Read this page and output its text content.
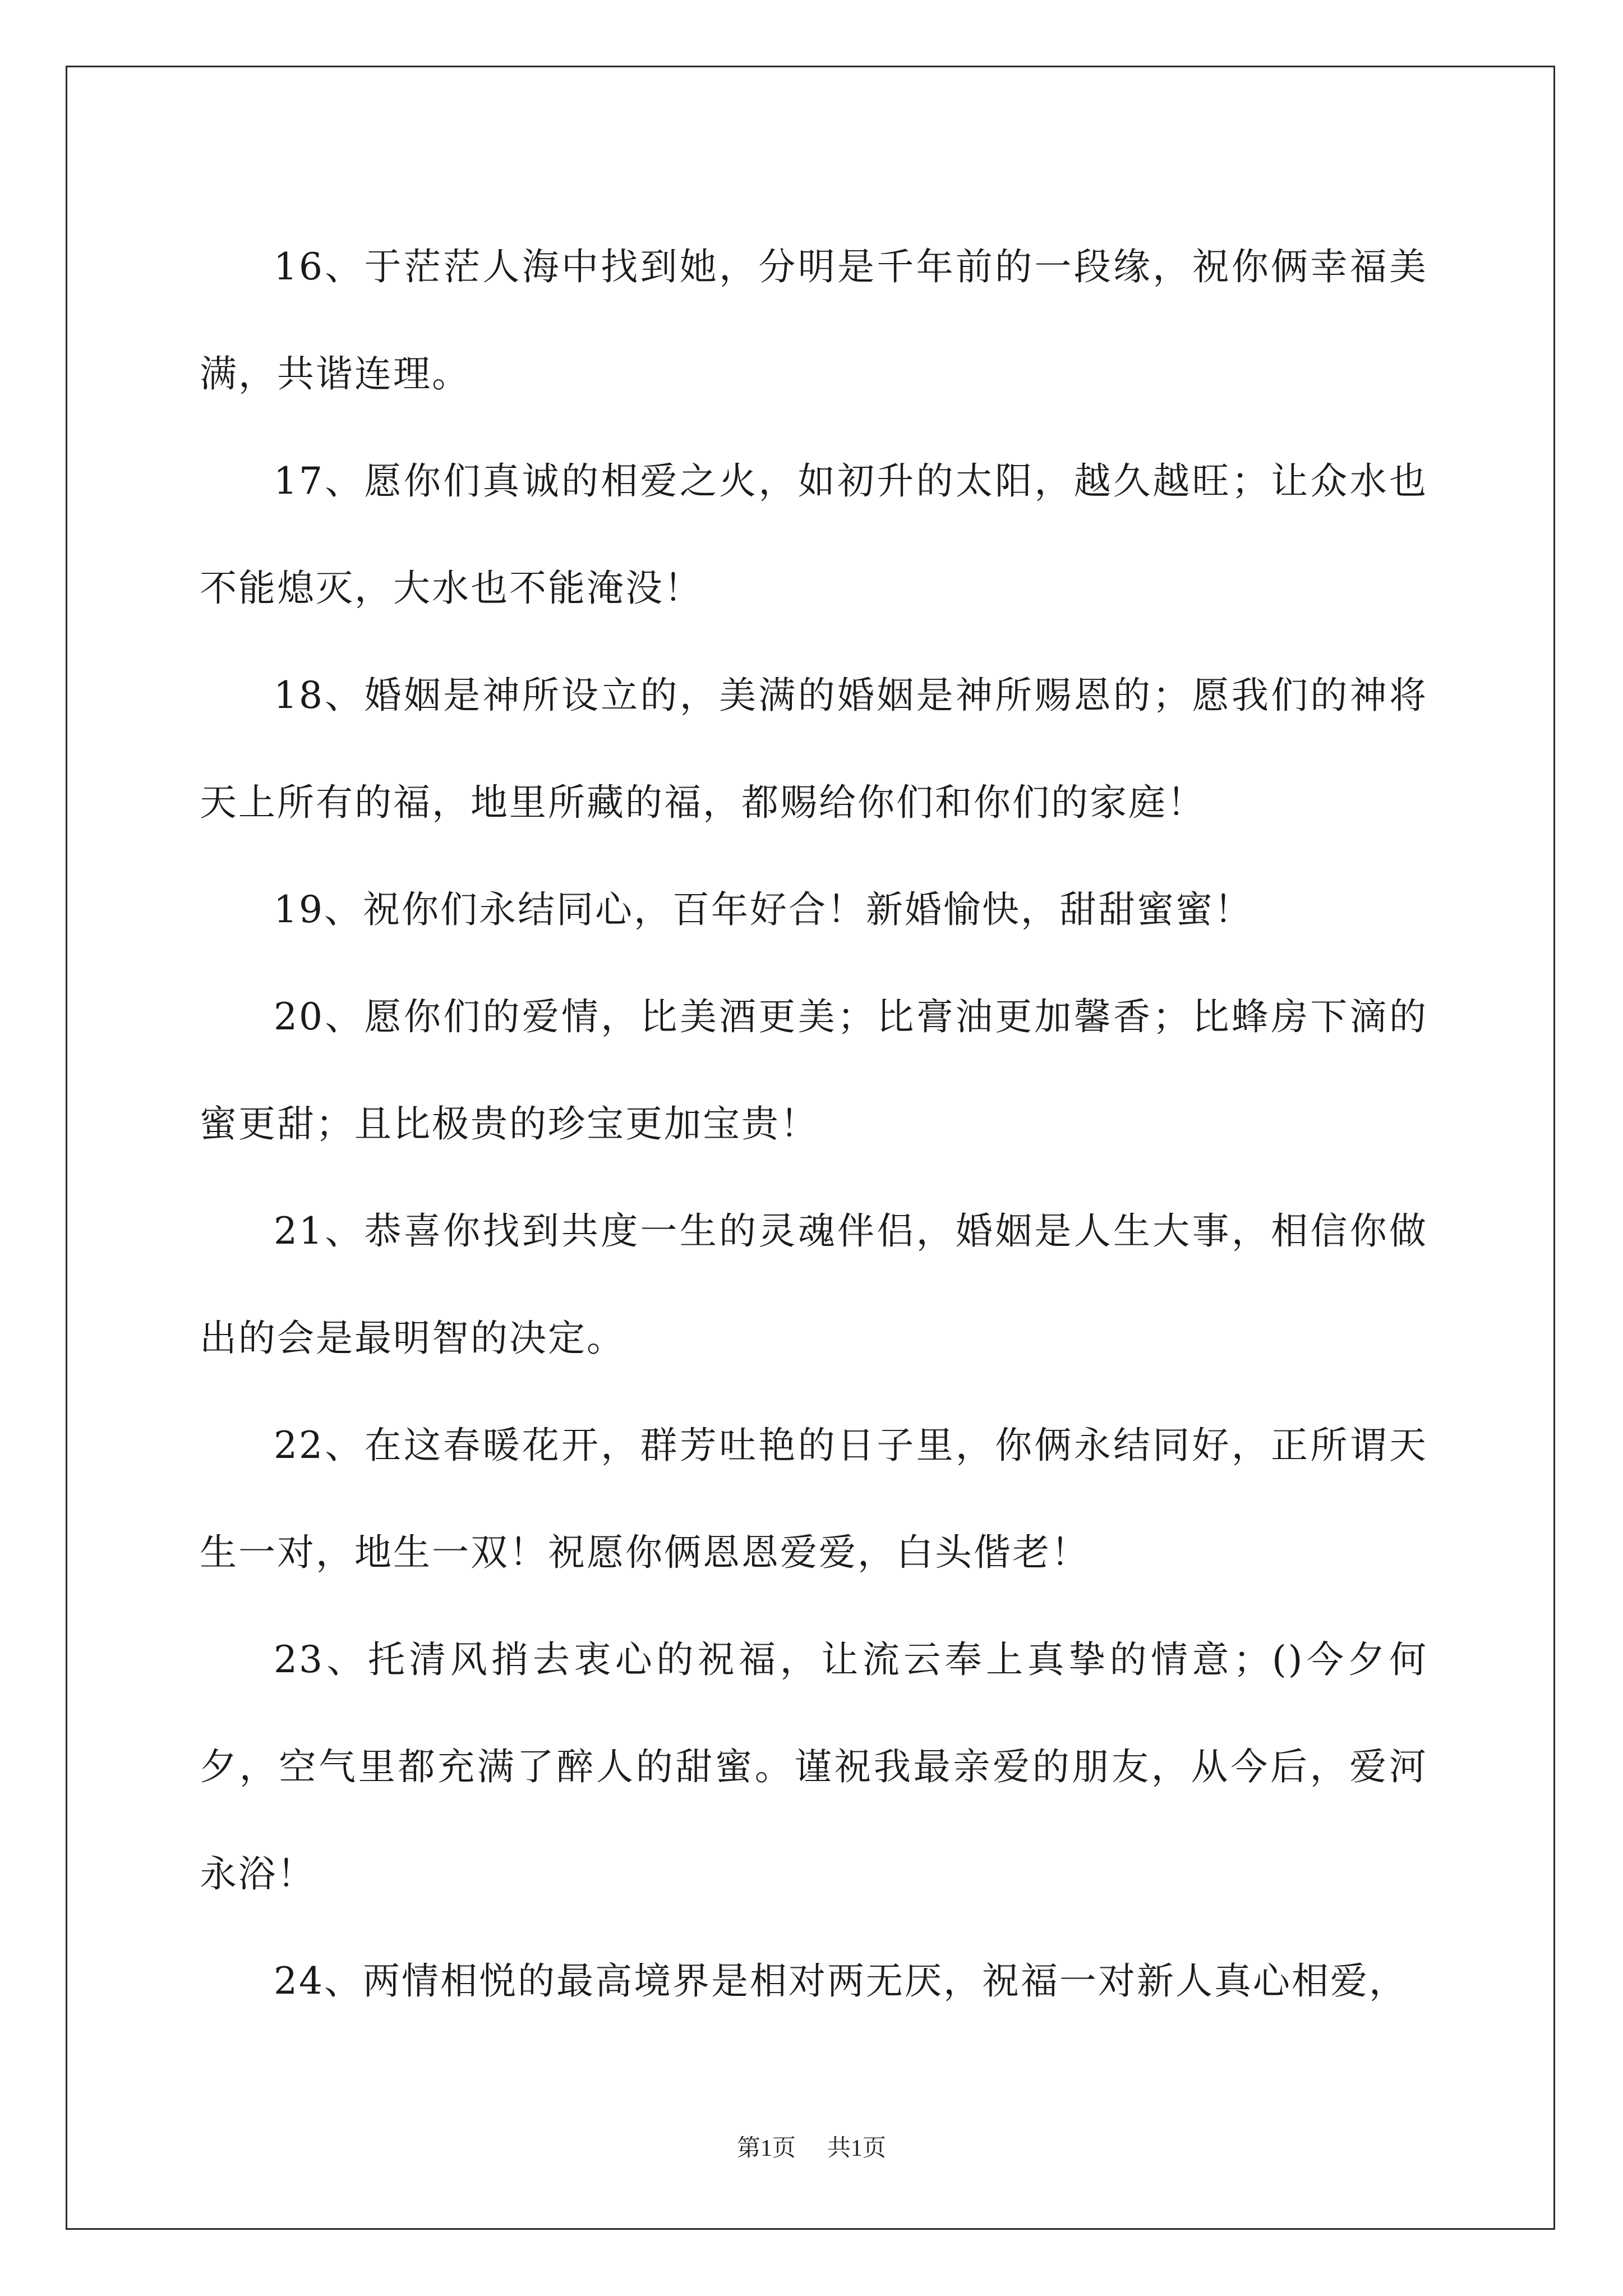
16、于茫茫人海中找到她，分明是千年前的一段缘，祝你俩幸福美满，共谐连理。

17、愿你们真诚的相爱之火，如初升的太阳，越久越旺；让众水也不能熄灭，大水也不能淹没！

18、婚姻是神所设立的，美满的婚姻是神所赐恩的；愿我们的神将天上所有的福，地里所藏的福，都赐给你们和你们的家庭！

19、祝你们永结同心，百年好合！新婚愉快，甜甜蜜蜜！

20、愿你们的爱情，比美酒更美；比膏油更加馨香；比蜂房下滴的蜜更甜；且比极贵的珍宝更加宝贵！

21、恭喜你找到共度一生的灵魂伴侣，婚姻是人生大事，相信你做出的会是最明智的决定。

22、在这春暖花开，群芳吐艳的日子里，你俩永结同好，正所谓天生一对，地生一双！祝愿你俩恩恩爱爱，白头偕老！

23、托清风捎去衷心的祝福，让流云奉上真挚的情意；()今夕何夕，空气里都充满了醉人的甜蜜。谨祝我最亲爱的朋友，从今后，爱河永浴！

24、两情相悦的最高境界是相对两无厌，祝福一对新人真心相爱，

第1页 共1页
